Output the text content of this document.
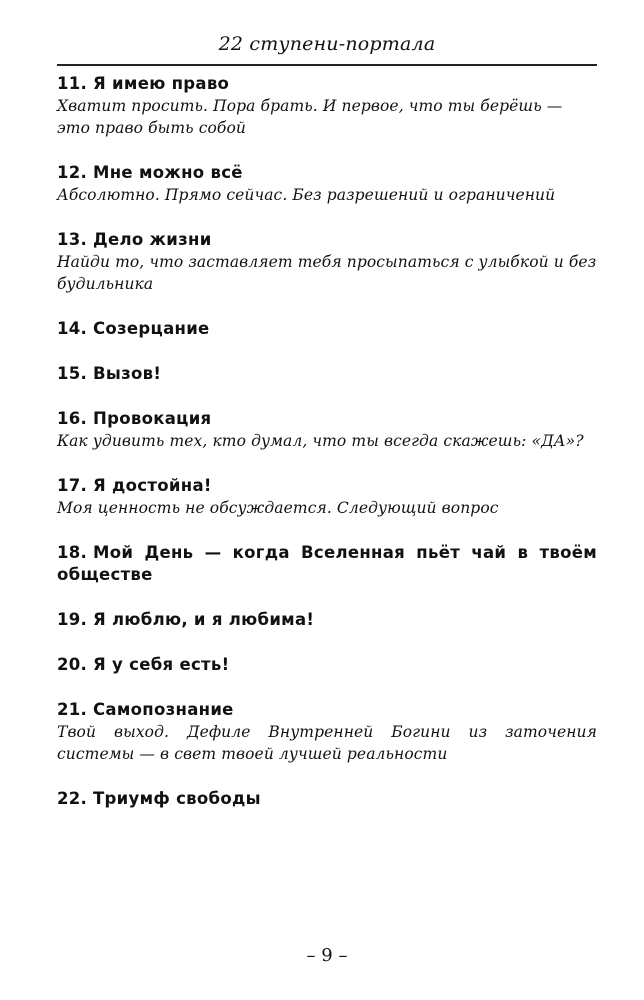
22 ступени-портала
11. Я имею право
Хватит просить. Пора брать. И первое, что ты берёшь — это право быть собой
12. Мне можно всё
Абсолютно. Прямо сейчас. Без разрешений и ограничений
13. Дело жизни
Найди то, что заставляет тебя просыпаться с улыбкой и без будильника
14. Созерцание
15. Вызов!
16. Провокация
Как удивить тех, кто думал, что ты всегда скажешь: «ДА»?
17. Я достойна!
Моя ценность не обсуждается. Следующий вопрос
18. Мой День — когда Вселенная пьёт чай в твоём обществе
19. Я люблю, и я любима!
20. Я у себя есть!
21. Самопознание
Твой выход. Дефиле Внутренней Богини из заточения системы — в свет твоей лучшей реальности
22. Триумф свободы
– 9 –
